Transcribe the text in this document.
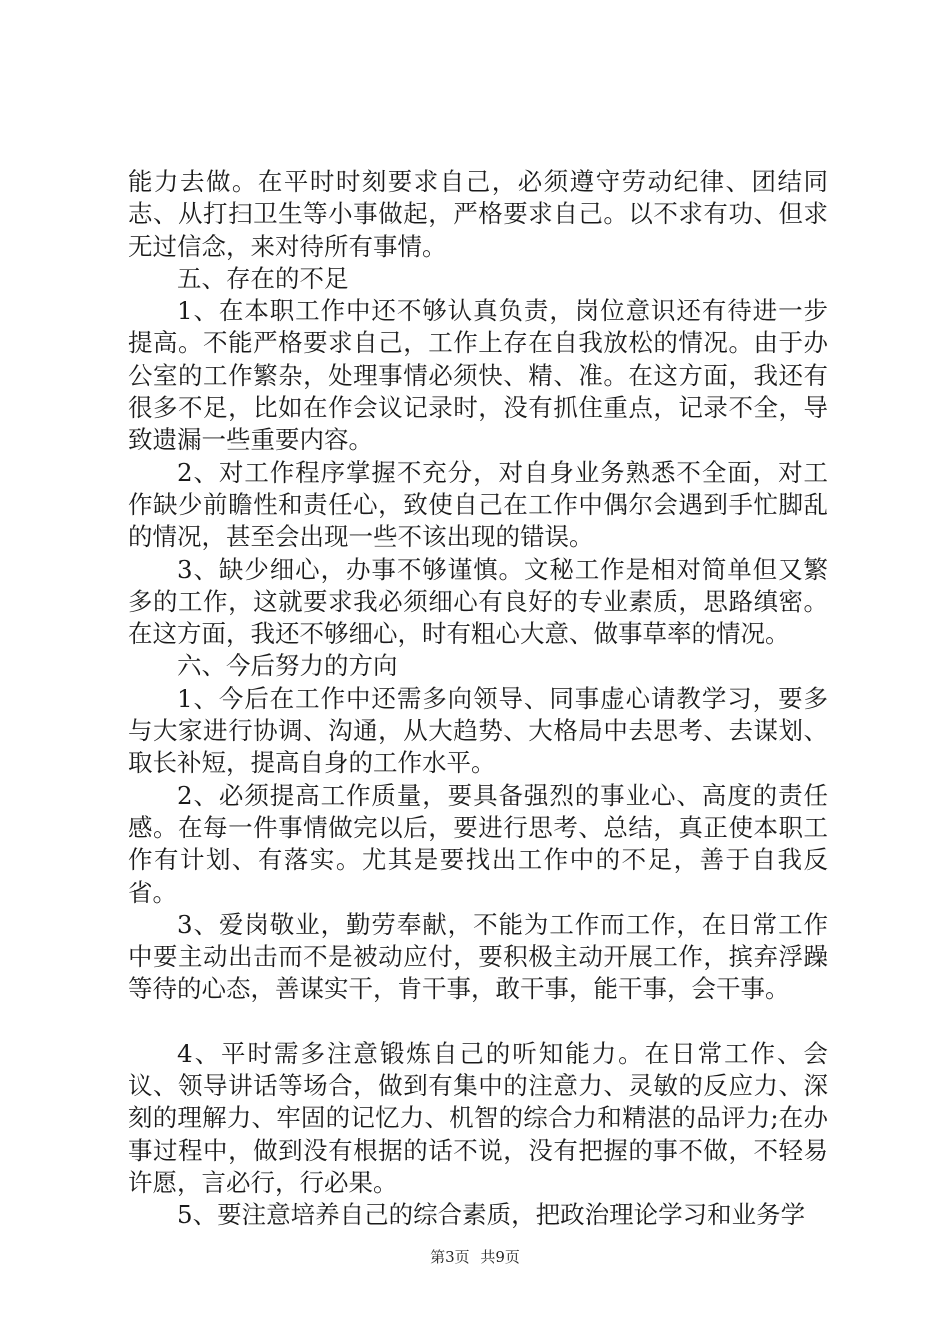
能力去做。在平时时刻要求自己，必须遵守劳动纪律、团结同志、从打扫卫生等小事做起，严格要求自己。以不求有功、但求无过信念，来对待所有事情。

五、存在的不足

1、在本职工作中还不够认真负责，岗位意识还有待进一步提高。不能严格要求自己，工作上存在自我放松的情况。由于办公室的工作繁杂，处理事情必须快、精、准。在这方面，我还有很多不足，比如在作会议记录时，没有抓住重点，记录不全，导致遗漏一些重要内容。

2、对工作程序掌握不充分，对自身业务熟悉不全面，对工作缺少前瞻性和责任心，致使自己在工作中偶尔会遇到手忙脚乱的情况，甚至会出现一些不该出现的错误。

3、缺少细心，办事不够谨慎。文秘工作是相对简单但又繁多的工作，这就要求我必须细心有良好的专业素质，思路缜密。在这方面，我还不够细心，时有粗心大意、做事草率的情况。

六、今后努力的方向

1、今后在工作中还需多向领导、同事虚心请教学习，要多与大家进行协调、沟通，从大趋势、大格局中去思考、去谋划、取长补短，提高自身的工作水平。

2、必须提高工作质量，要具备强烈的事业心、高度的责任感。在每一件事情做完以后，要进行思考、总结，真正使本职工作有计划、有落实。尤其是要找出工作中的不足，善于自我反省。

3、爱岗敬业，勤劳奉献，不能为工作而工作，在日常工作中要主动出击而不是被动应付，要积极主动开展工作，摈弃浮躁等待的心态，善谋实干，肯干事，敢干事，能干事，会干事。

4、平时需多注意锻炼自己的听知能力。在日常工作、会议、领导讲话等场合，做到有集中的注意力、灵敏的反应力、深刻的理解力、牢固的记忆力、机智的综合力和精湛的品评力;在办事过程中，做到没有根据的话不说，没有把握的事不做，不轻易许愿，言必行，行必果。

5、要注意培养自己的综合素质，把政治理论学习和业务学

第3页 共9页
